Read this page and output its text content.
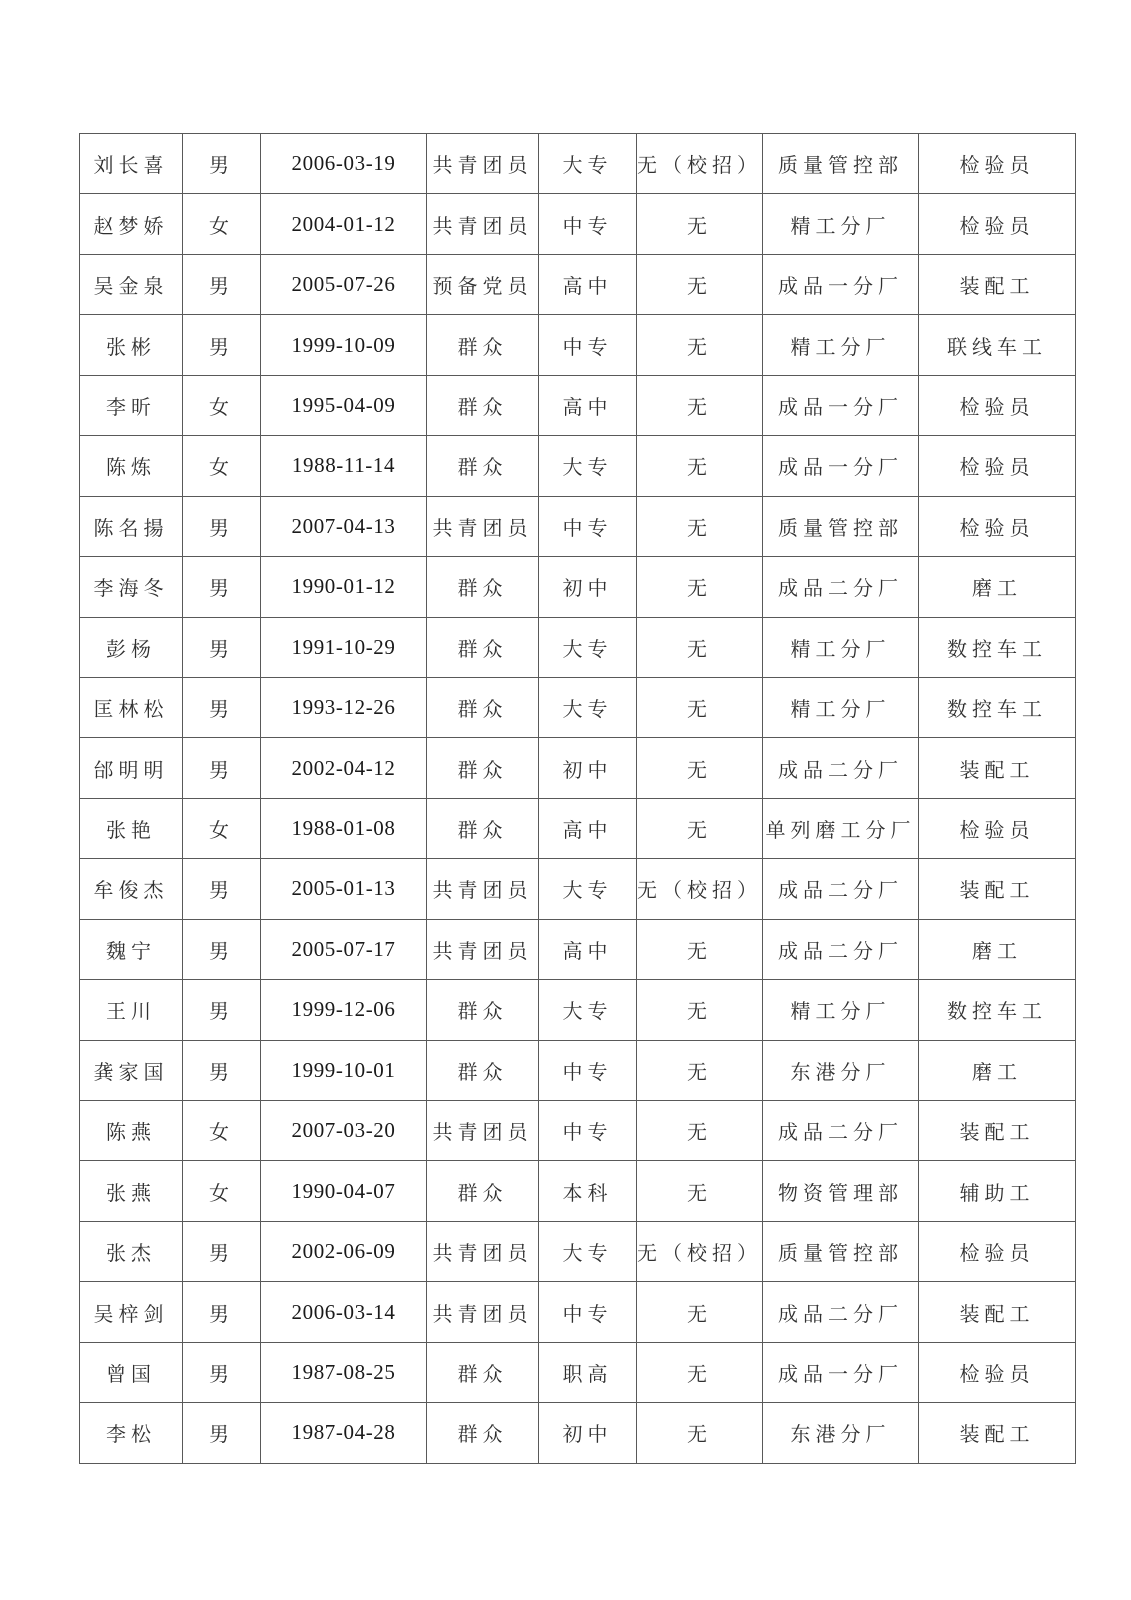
刘长喜	男	2006-03-19	共青团员	大专	无（校招）	质量管控部	检验员
赵梦娇	女	2004-01-12	共青团员	中专	无	精工分厂	检验员
吴金泉	男	2005-07-26	预备党员	高中	无	成品一分厂	装配工
张彬	男	1999-10-09	群众	中专	无	精工分厂	联线车工
李昕	女	1995-04-09	群众	高中	无	成品一分厂	检验员
陈炼	女	1988-11-14	群众	大专	无	成品一分厂	检验员
陈名揚	男	2007-04-13	共青团员	中专	无	质量管控部	检验员
李海冬	男	1990-01-12	群众	初中	无	成品二分厂	磨工
彭杨	男	1991-10-29	群众	大专	无	精工分厂	数控车工
匡林松	男	1993-12-26	群众	大专	无	精工分厂	数控车工
邰明明	男	2002-04-12	群众	初中	无	成品二分厂	装配工
张艳	女	1988-01-08	群众	高中	无	单列磨工分厂	检验员
牟俊杰	男	2005-01-13	共青团员	大专	无（校招）	成品二分厂	装配工
魏宁	男	2005-07-17	共青团员	高中	无	成品二分厂	磨工
王川	男	1999-12-06	群众	大专	无	精工分厂	数控车工
龚家国	男	1999-10-01	群众	中专	无	东港分厂	磨工
陈燕	女	2007-03-20	共青团员	中专	无	成品二分厂	装配工
张燕	女	1990-04-07	群众	本科	无	物资管理部	辅助工
张杰	男	2002-06-09	共青团员	大专	无（校招）	质量管控部	检验员
吴梓剑	男	2006-03-14	共青团员	中专	无	成品二分厂	装配工
曾国	男	1987-08-25	群众	职高	无	成品一分厂	检验员
李松	男	1987-04-28	群众	初中	无	东港分厂	装配工
